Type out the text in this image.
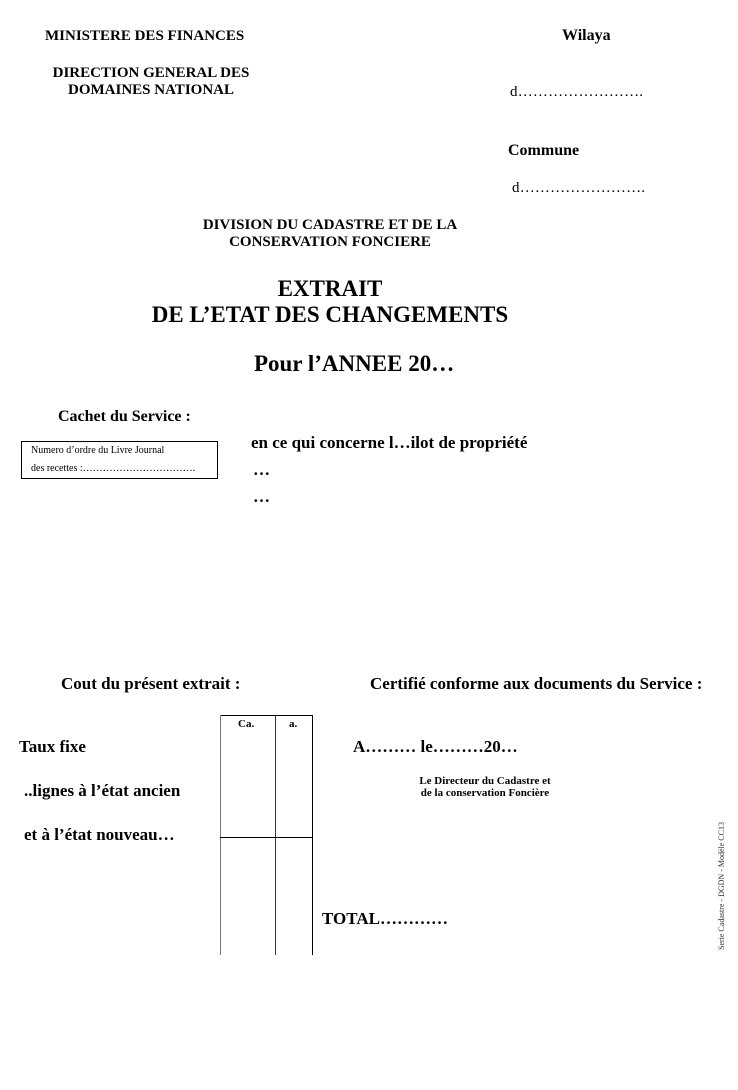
MINISTERE DES FINANCES
DIRECTION GENERAL DES
DOMAINES NATIONAL
Wilaya
d…………………….
Commune
d…………………….
DIVISION DU CADASTRE ET DE LA
CONSERVATION FONCIERE
EXTRAIT
DE L’ETAT DES CHANGEMENTS
Pour l’ANNEE 20…
Cachet du Service :
Numero d’ordre du Livre Journal
des recettes :…………………………….
en ce qui concerne l…ilot de propriété
…
…
Cout du présent extrait :
Taux fixe
..lignes à l’état ancien
et à l’état nouveau…
Ca.	a.
TOTAL…………
Certifié conforme aux documents du Service :
A……… le………20…
Le Directeur du Cadastre et
de la conservation Foncière
Serie Cadastre - DGDN - Modèle CC13
